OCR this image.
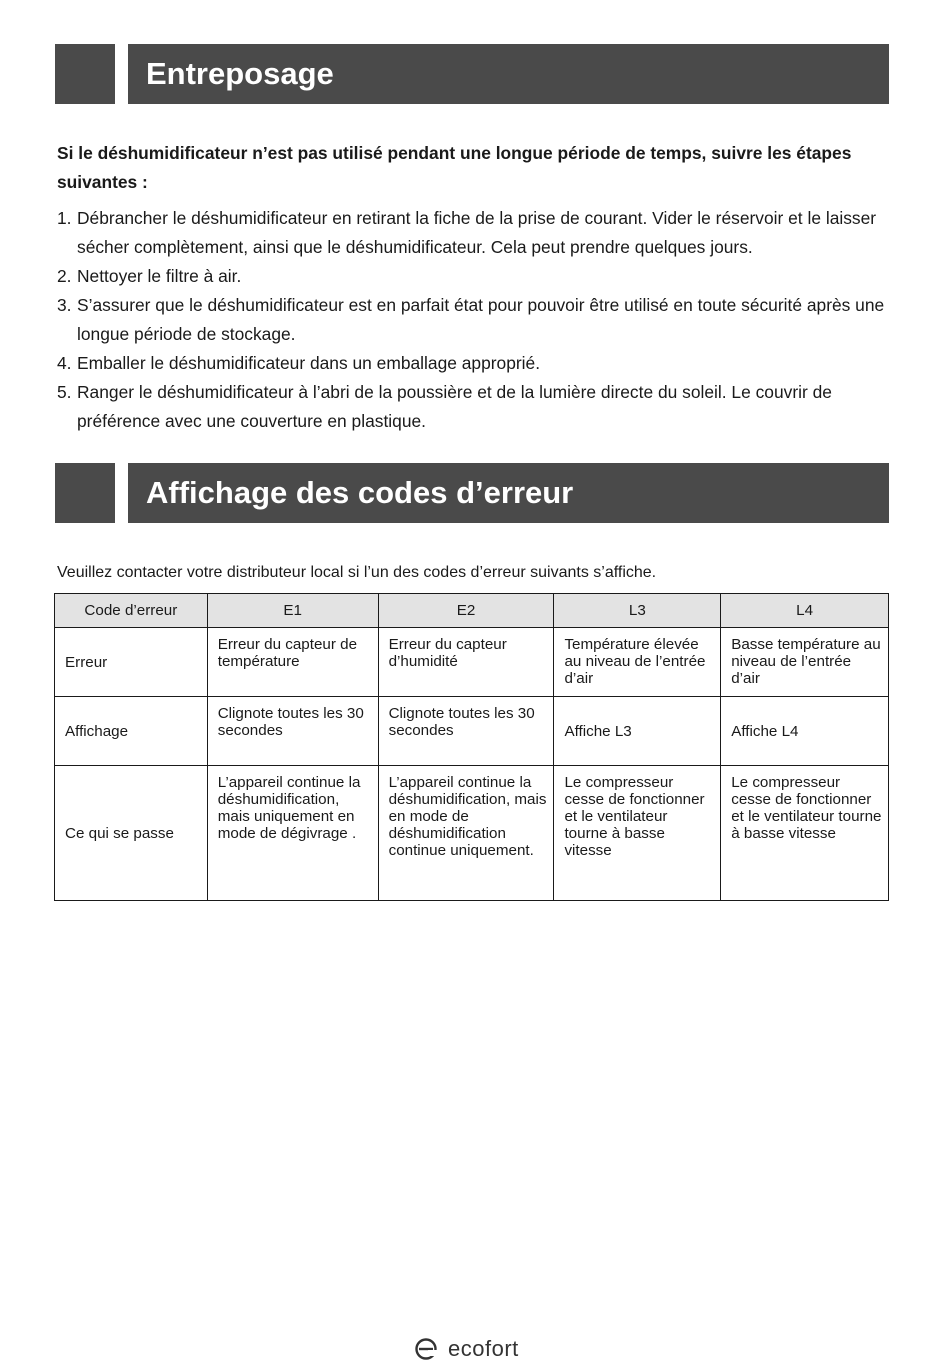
Entreposage
Si le déshumidificateur n’est pas utilisé pendant une longue période de temps, suivre les étapes suivantes :
1. Débrancher le déshumidificateur en retirant la fiche de la prise de courant. Vider le réservoir et le laisser sécher complètement, ainsi que le déshumidificateur. Cela peut prendre quelques jours.
2. Nettoyer le filtre à air.
3. S’assurer que le déshumidificateur est en parfait état pour pouvoir être utilisé en toute sécurité après une longue période de stockage.
4. Emballer le déshumidificateur dans un emballage approprié.
5. Ranger le déshumidificateur à l’abri de la poussière et de la lumière directe du soleil. Le couvrir de préférence avec une couverture en plastique.
Affichage des codes d’erreur
Veuillez contacter votre distributeur local si l’un des codes d’erreur suivants s’affiche.
Code d’erreur	E1	E2	L3	L4
Erreur	Erreur du capteur de température	Erreur du capteur d’humidité	Température élevée au niveau de l’entrée d’air	Basse température au niveau de l’entrée d’air
Affichage	Clignote toutes les 30 secondes	Clignote toutes les 30 secondes	Affiche L3	Affiche L4
Ce qui se passe	L’appareil continue la déshumidification, mais uniquement en mode de dégivrage .	L’appareil continue la déshumidification, mais en mode de déshumidification continue uniquement.	Le compresseur cesse de fonctionner et le ventilateur tourne à basse vitesse	Le compresseur cesse de fonctionner et le ventilateur tourne à basse vitesse
ecofort
